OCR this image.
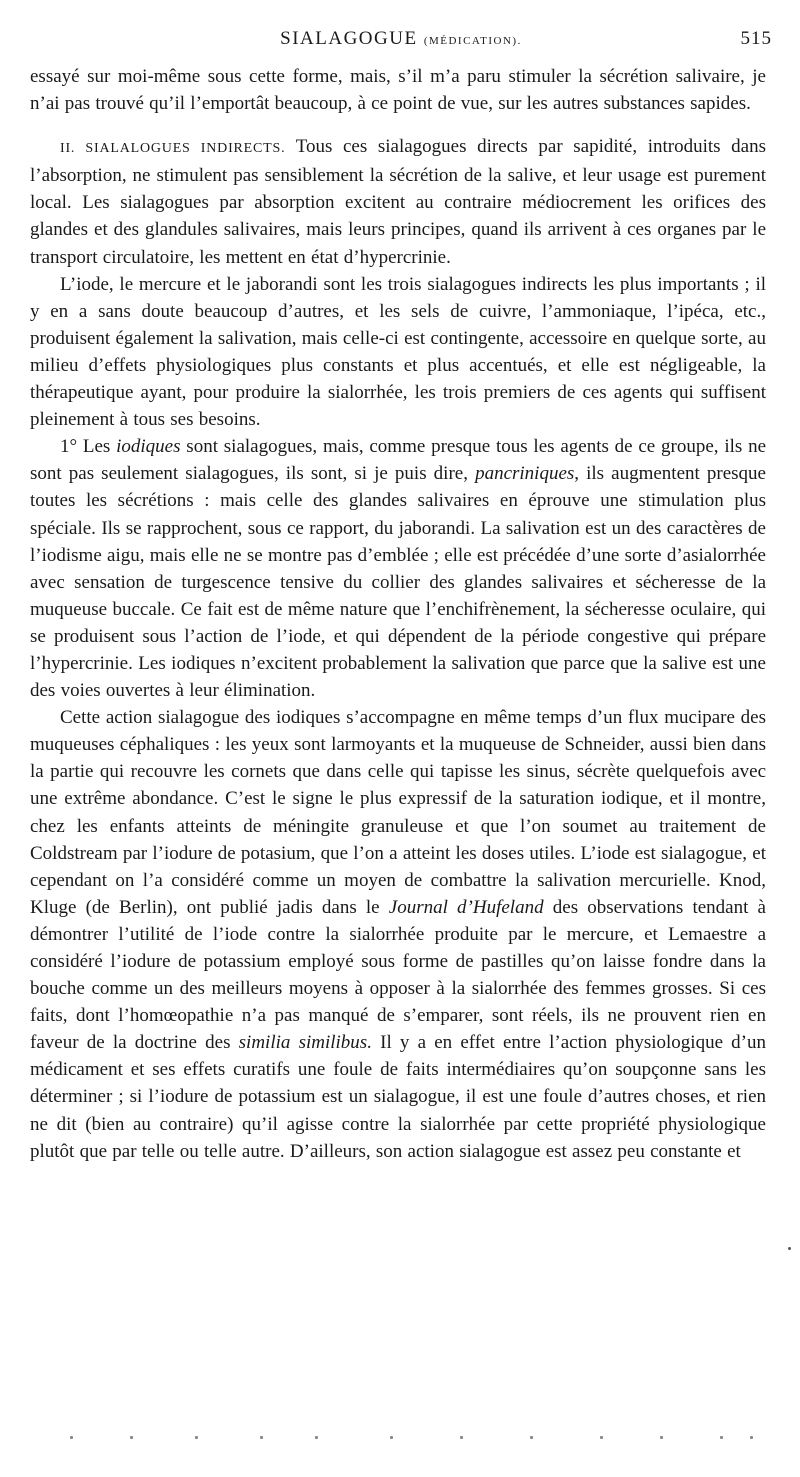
SIALAGOGUE (MÉDICATION).	515

essayé sur moi-même sous cette forme, mais, s’il m’a paru stimuler la sécrétion salivaire, je n’ai pas trouvé qu’il l’emportât beaucoup, à ce point de vue, sur les autres substances sapides.

II. SIALALOGUES INDIRECTS. Tous ces sialagogues directs par sapidité, introduits dans l’absorption, ne stimulent pas sensiblement la sécrétion de la salive, et leur usage est purement local. Les sialagogues par absorption excitent au contraire médiocrement les orifices des glandes et des glandules salivaires, mais leurs principes, quand ils arrivent à ces organes par le transport circulatoire, les mettent en état d’hypercrinie.

L’iode, le mercure et le jaborandi sont les trois sialagogues indirects les plus importants ; il y en a sans doute beaucoup d’autres, et les sels de cuivre, l’ammoniaque, l’ipéca, etc., produisent également la salivation, mais celle-ci est contingente, accessoire en quelque sorte, au milieu d’effets physiologiques plus constants et plus accentués, et elle est négligeable, la thérapeutique ayant, pour produire la sialorrhée, les trois premiers de ces agents qui suffisent pleinement à tous ses besoins.

1° Les iodiques sont sialagogues, mais, comme presque tous les agents de ce groupe, ils ne sont pas seulement sialagogues, ils sont, si je puis dire, pancriniques, ils augmentent presque toutes les sécrétions : mais celle des glandes salivaires en éprouve une stimulation plus spéciale. Ils se rapprochent, sous ce rapport, du jaborandi. La salivation est un des caractères de l’iodisme aigu, mais elle ne se montre pas d’emblée ; elle est précédée d’une sorte d’asialorrhée avec sensation de turgescence tensive du collier des glandes salivaires et sécheresse de la muqueuse buccale. Ce fait est de même nature que l’enchifrènement, la sécheresse oculaire, qui se produisent sous l’action de l’iode, et qui dépendent de la période congestive qui prépare l’hypercrinie. Les iodiques n’excitent probablement la salivation que parce que la salive est une des voies ouvertes à leur élimination.

Cette action sialagogue des iodiques s’accompagne en même temps d’un flux mucipare des muqueuses céphaliques : les yeux sont larmoyants et la muqueuse de Schneider, aussi bien dans la partie qui recouvre les cornets que dans celle qui tapisse les sinus, sécrète quelquefois avec une extrême abondance. C’est le signe le plus expressif de la saturation iodique, et il montre, chez les enfants atteints de méningite granuleuse et que l’on soumet au traitement de Coldstream par l’iodure de potasium, que l’on a atteint les doses utiles. L’iode est sialagogue, et cependant on l’a considéré comme un moyen de combattre la salivation mercurielle. Knod, Kluge (de Berlin), ont publié jadis dans le Journal d’Hufeland des observations tendant à démontrer l’utilité de l’iode contre la sialorrhée produite par le mercure, et Lemaestre a considéré l’iodure de potassium employé sous forme de pastilles qu’on laisse fondre dans la bouche comme un des meilleurs moyens à opposer à la sialorrhée des femmes grosses. Si ces faits, dont l’homœopathie n’a pas manqué de s’emparer, sont réels, ils ne prouvent rien en faveur de la doctrine des similia similibus. Il y a en effet entre l’action physiologique d’un médicament et ses effets curatifs une foule de faits intermédiaires qu’on soupçonne sans les déterminer ; si l’iodure de potassium est un sialagogue, il est une foule d’autres choses, et rien ne dit (bien au contraire) qu’il agisse contre la sialorrhée par cette propriété physiologique plutôt que par telle ou telle autre. D’ailleurs, son action sialagogue est assez peu constante et
